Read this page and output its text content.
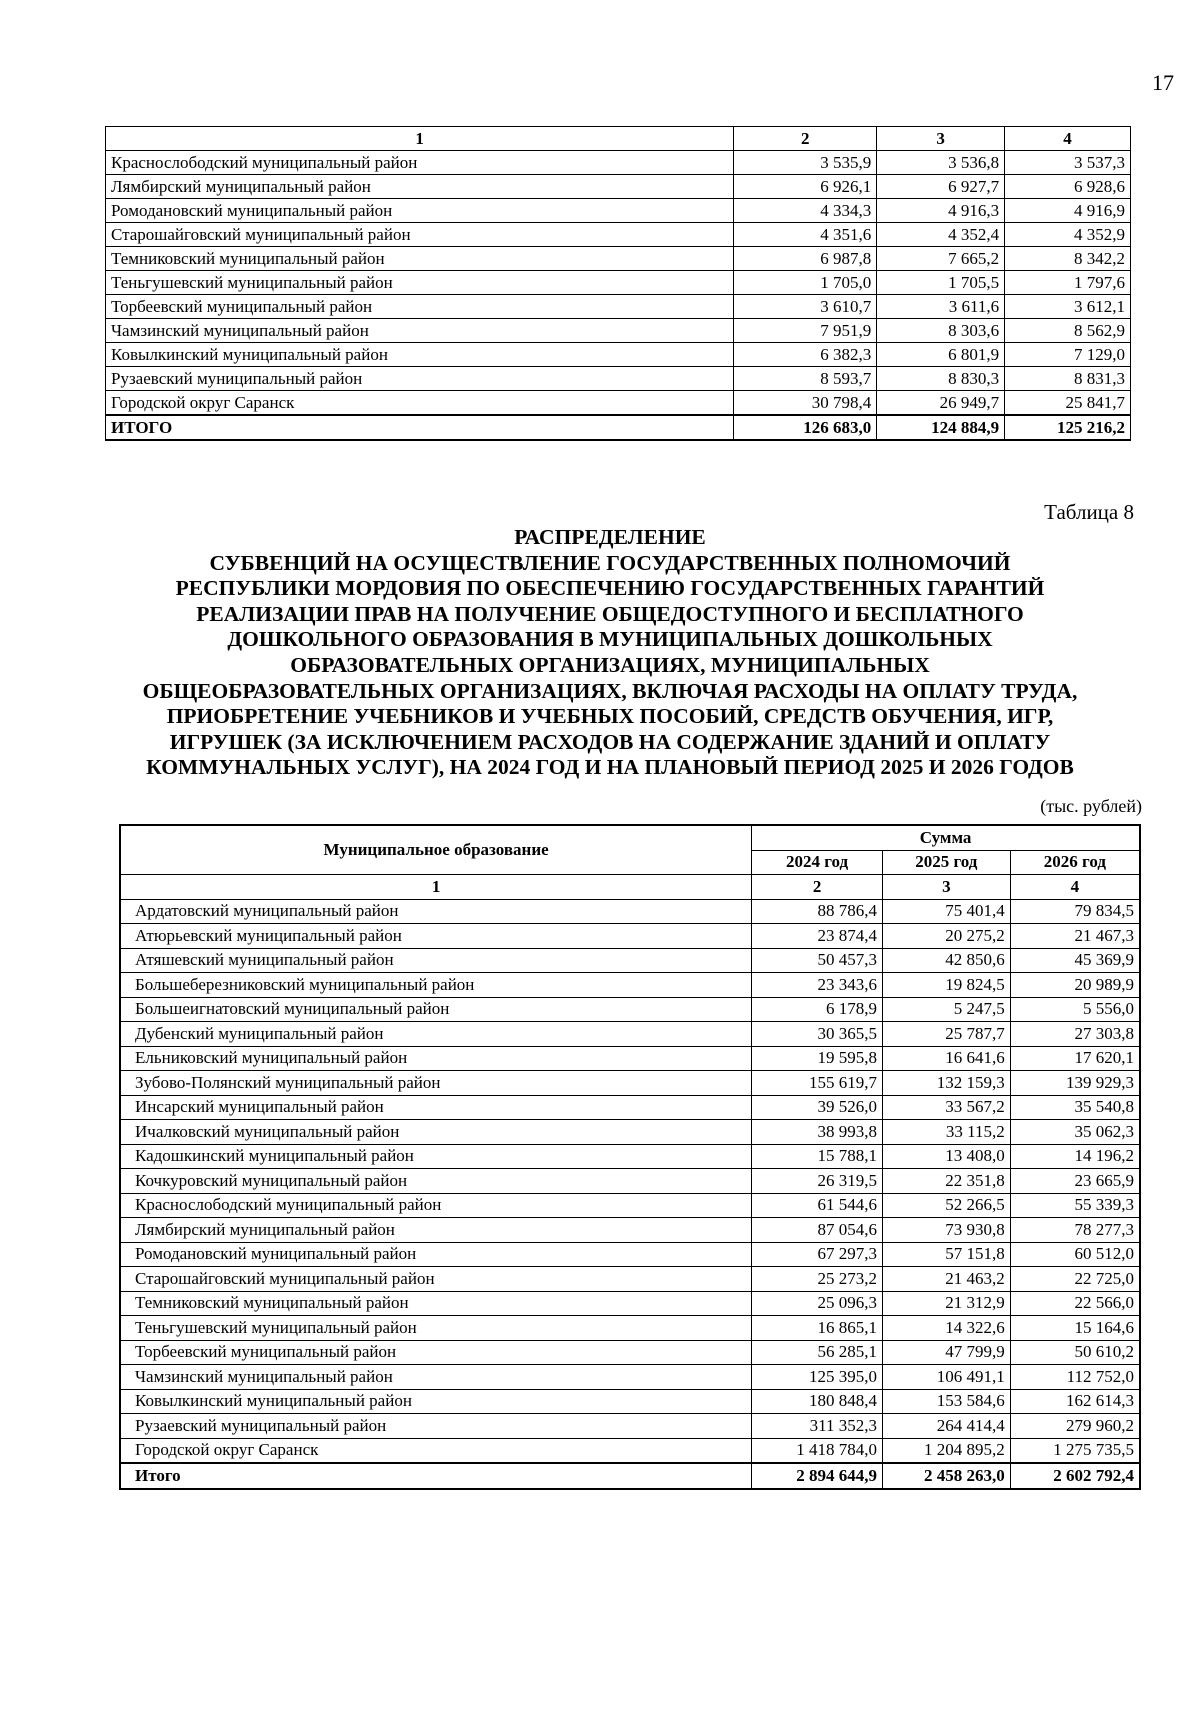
17
1	2	3	4
Краснослободский муниципальный район	3 535,9	3 536,8	3 537,3
Лямбирский муниципальный район	6 926,1	6 927,7	6 928,6
Ромодановский муниципальный район	4 334,3	4 916,3	4 916,9
Старошайговский муниципальный район	4 351,6	4 352,4	4 352,9
Темниковский муниципальный район	6 987,8	7 665,2	8 342,2
Теньгушевский муниципальный район	1 705,0	1 705,5	1 797,6
Торбеевский муниципальный район	3 610,7	3 611,6	3 612,1
Чамзинский муниципальный район	7 951,9	8 303,6	8 562,9
Ковылкинский муниципальный район	6 382,3	6 801,9	7 129,0
Рузаевский муниципальный район	8 593,7	8 830,3	8 831,3
Городской округ Саранск	30 798,4	26 949,7	25 841,7
ИТОГО	126 683,0	124 884,9	125 216,2
Таблица 8
РАСПРЕДЕЛЕНИЕ
СУБВЕНЦИЙ НА ОСУЩЕСТВЛЕНИЕ ГОСУДАРСТВЕННЫХ ПОЛНОМОЧИЙ
РЕСПУБЛИКИ МОРДОВИЯ ПО ОБЕСПЕЧЕНИЮ ГОСУДАРСТВЕННЫХ ГАРАНТИЙ
РЕАЛИЗАЦИИ ПРАВ НА ПОЛУЧЕНИЕ ОБЩЕДОСТУПНОГО И БЕСПЛАТНОГО
ДОШКОЛЬНОГО ОБРАЗОВАНИЯ В МУНИЦИПАЛЬНЫХ ДОШКОЛЬНЫХ
ОБРАЗОВАТЕЛЬНЫХ ОРГАНИЗАЦИЯХ, МУНИЦИПАЛЬНЫХ
ОБЩЕОБРАЗОВАТЕЛЬНЫХ ОРГАНИЗАЦИЯХ, ВКЛЮЧАЯ РАСХОДЫ НА ОПЛАТУ ТРУДА,
ПРИОБРЕТЕНИЕ УЧЕБНИКОВ И УЧЕБНЫХ ПОСОБИЙ, СРЕДСТВ ОБУЧЕНИЯ, ИГР,
ИГРУШЕК (ЗА ИСКЛЮЧЕНИЕМ РАСХОДОВ НА СОДЕРЖАНИЕ ЗДАНИЙ И ОПЛАТУ
КОММУНАЛЬНЫХ УСЛУГ), НА 2024 ГОД И НА ПЛАНОВЫЙ ПЕРИОД 2025 И 2026 ГОДОВ
(тыс. рублей)
Муниципальное образование	Сумма		
	2024 год	2025 год	2026 год
1	2	3	4
Ардатовский муниципальный район	88 786,4	75 401,4	79 834,5
Атюрьевский муниципальный район	23 874,4	20 275,2	21 467,3
Атяшевский муниципальный район	50 457,3	42 850,6	45 369,9
Большеберезниковский муниципальный район	23 343,6	19 824,5	20 989,9
Большеигнатовский муниципальный район	6 178,9	5 247,5	5 556,0
Дубенский муниципальный район	30 365,5	25 787,7	27 303,8
Ельниковский муниципальный район	19 595,8	16 641,6	17 620,1
Зубово-Полянский муниципальный район	155 619,7	132 159,3	139 929,3
Инсарский муниципальный район	39 526,0	33 567,2	35 540,8
Ичалковский муниципальный район	38 993,8	33 115,2	35 062,3
Кадошкинский муниципальный район	15 788,1	13 408,0	14 196,2
Кочкуровский муниципальный район	26 319,5	22 351,8	23 665,9
Краснослободский муниципальный район	61 544,6	52 266,5	55 339,3
Лямбирский муниципальный район	87 054,6	73 930,8	78 277,3
Ромодановский муниципальный район	67 297,3	57 151,8	60 512,0
Старошайговский муниципальный район	25 273,2	21 463,2	22 725,0
Темниковский муниципальный район	25 096,3	21 312,9	22 566,0
Теньгушевский муниципальный район	16 865,1	14 322,6	15 164,6
Торбеевский муниципальный район	56 285,1	47 799,9	50 610,2
Чамзинский муниципальный район	125 395,0	106 491,1	112 752,0
Ковылкинский муниципальный район	180 848,4	153 584,6	162 614,3
Рузаевский муниципальный район	311 352,3	264 414,4	279 960,2
Городской округ Саранск	1 418 784,0	1 204 895,2	1 275 735,5
Итого	2 894 644,9	2 458 263,0	2 602 792,4
